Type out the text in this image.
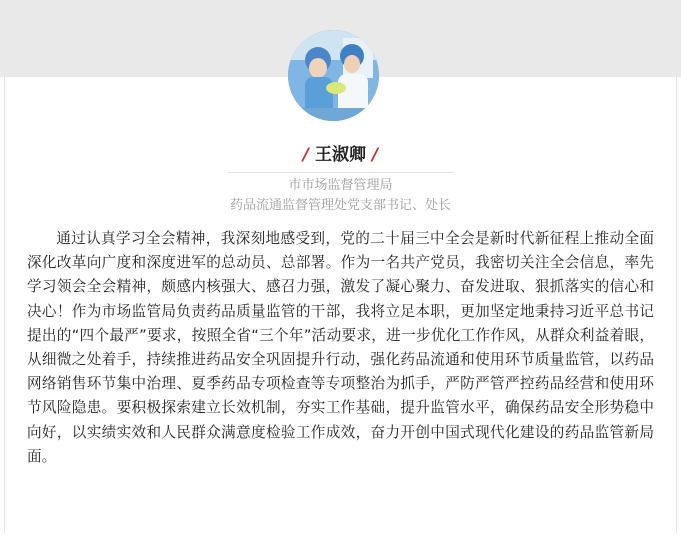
/ 王淑卿 /
市市场监督管理局
药品流通监督管理处党支部书记、处长

通过认真学习全会精神，我深刻地感受到，党的二十届三中全会是新时代新征程上推动全面深化改革向广度和深度进军的总动员、总部署。作为一名共产党员，我密切关注全会信息，率先学习领会全会精神，颇感内核强大、感召力强，激发了凝心聚力、奋发进取、狠抓落实的信心和决心！作为市场监管局负责药品质量监管的干部，我将立足本职，更加坚定地秉持习近平总书记提出的“四个最严”要求，按照全省“三个年”活动要求，进一步优化工作作风，从群众利益着眼，从细微之处着手，持续推进药品安全巩固提升行动，强化药品流通和使用环节质量监管，以药品网络销售环节集中治理、夏季药品专项检查等专项整治为抓手，严防严管严控药品经营和使用环节风险隐患。要积极探索建立长效机制，夯实工作基础，提升监管水平，确保药品安全形势稳中向好，以实绩实效和人民群众满意度检验工作成效，奋力开创中国式现代化建设的药品监管新局面。
